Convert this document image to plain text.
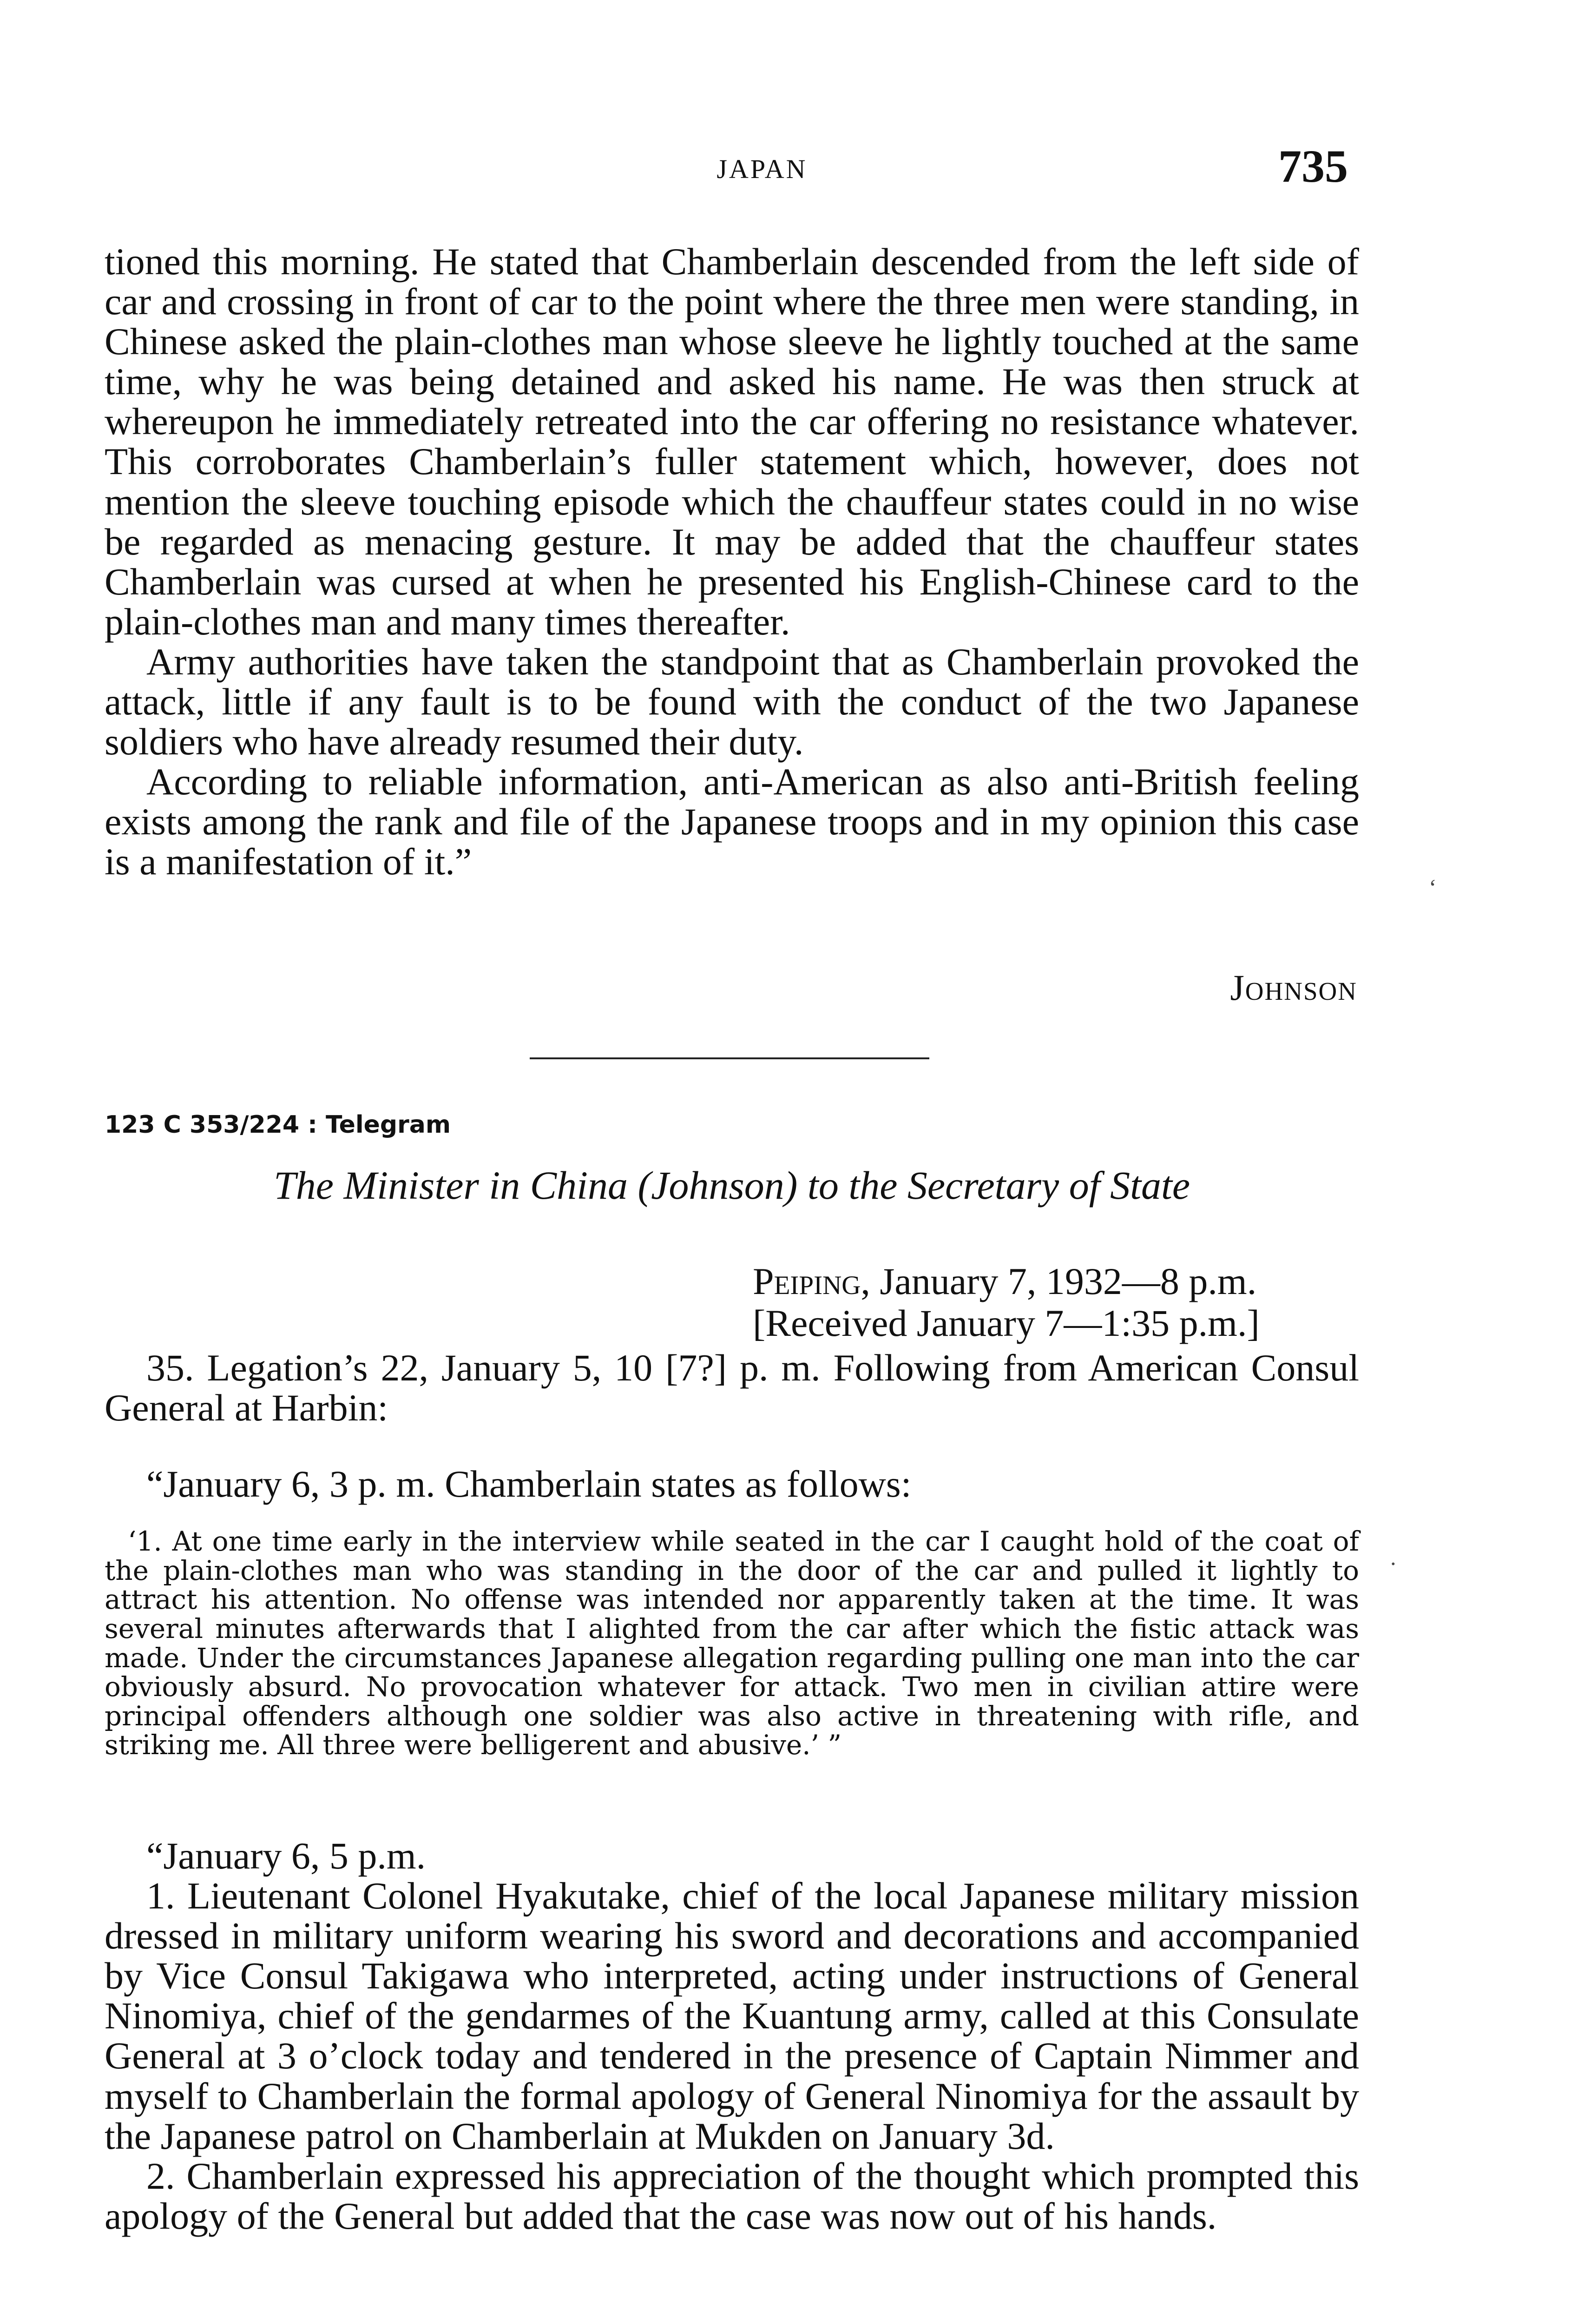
JAPAN	735

tioned this morning. He stated that Chamberlain descended from the left side of car and crossing in front of car to the point where the three men were standing, in Chinese asked the plain-clothes man whose sleeve he lightly touched at the same time, why he was being detained and asked his name. He was then struck at whereupon he immediately retreated into the car offering no resistance whatever. This corroborates Chamberlain’s fuller statement which, however, does not mention the sleeve touching episode which the chauffeur states could in no wise be regarded as menacing gesture. It may be added that the chauffeur states Chamberlain was cursed at when he presented his English-Chinese card to the plain-clothes man and many times thereafter.

Army authorities have taken the standpoint that as Chamberlain provoked the attack, little if any fault is to be found with the conduct of the two Japanese soldiers who have already resumed their duty.

According to reliable information, anti-American as also anti-British feeling exists among the rank and file of the Japanese troops and in my opinion this case is a manifestation of it.”

Johnson
123 C 353/224 : Telegram
The Minister in China (Johnson) to the Secretary of State
Peiping, January 7, 1932—8 p.m.
[Received January 7—1:35 p.m.]

35. Legation’s 22, January 5, 10 [7?] p. m. Following from American Consul General at Harbin:

“January 6, 3 p. m. Chamberlain states as follows:

‘1. At one time early in the interview while seated in the car I caught hold of the coat of the plain-clothes man who was standing in the door of the car and pulled it lightly to attract his attention. No offense was intended nor apparently taken at the time. It was several minutes afterwards that I alighted from the car after which the fistic attack was made. Under the circumstances Japanese allegation regarding pulling one man into the car obviously absurd. No provocation whatever for attack. Two men in civilian attire were principal offenders although one soldier was also active in threatening with rifle, and striking me. All three were belligerent and abusive.’ ”

“January 6, 5 p.m.

1. Lieutenant Colonel Hyakutake, chief of the local Japanese military mission dressed in military uniform wearing his sword and decorations and accompanied by Vice Consul Takigawa who interpreted, acting under instructions of General Ninomiya, chief of the gendarmes of the Kuantung army, called at this Consulate General at 3 o’clock today and tendered in the presence of Captain Nimmer and myself to Chamberlain the formal apology of General Ninomiya for the assault by the Japanese patrol on Chamberlain at Mukden on January 3d.

2. Chamberlain expressed his appreciation of the thought which prompted this apology of the General but added that the case was now out of his hands.

ʻ
·
